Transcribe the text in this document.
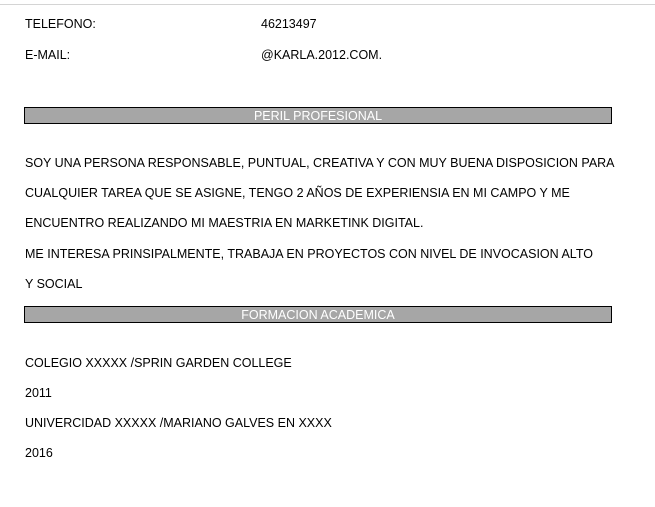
TELEFONO:	46213497
E-MAIL:	@KARLA.2012.COM.
PERIL PROFESIONAL
SOY UNA PERSONA RESPONSABLE, PUNTUAL, CREATIVA Y CON MUY BUENA DISPOSICION PARA
CUALQUIER TAREA QUE SE ASIGNE, TENGO 2 AÑOS DE EXPERIENSIA EN MI CAMPO Y ME
ENCUENTRO REALIZANDO MI MAESTRIA EN MARKETINK DIGITAL.
ME INTERESA PRINSIPALMENTE, TRABAJA EN PROYECTOS CON NIVEL DE INVOCASION ALTO
Y SOCIAL
FORMACION ACADEMICA
COLEGIO XXXXX /SPRIN GARDEN COLLEGE
2011
UNIVERCIDAD XXXXX /MARIANO GALVES EN XXXX
2016
